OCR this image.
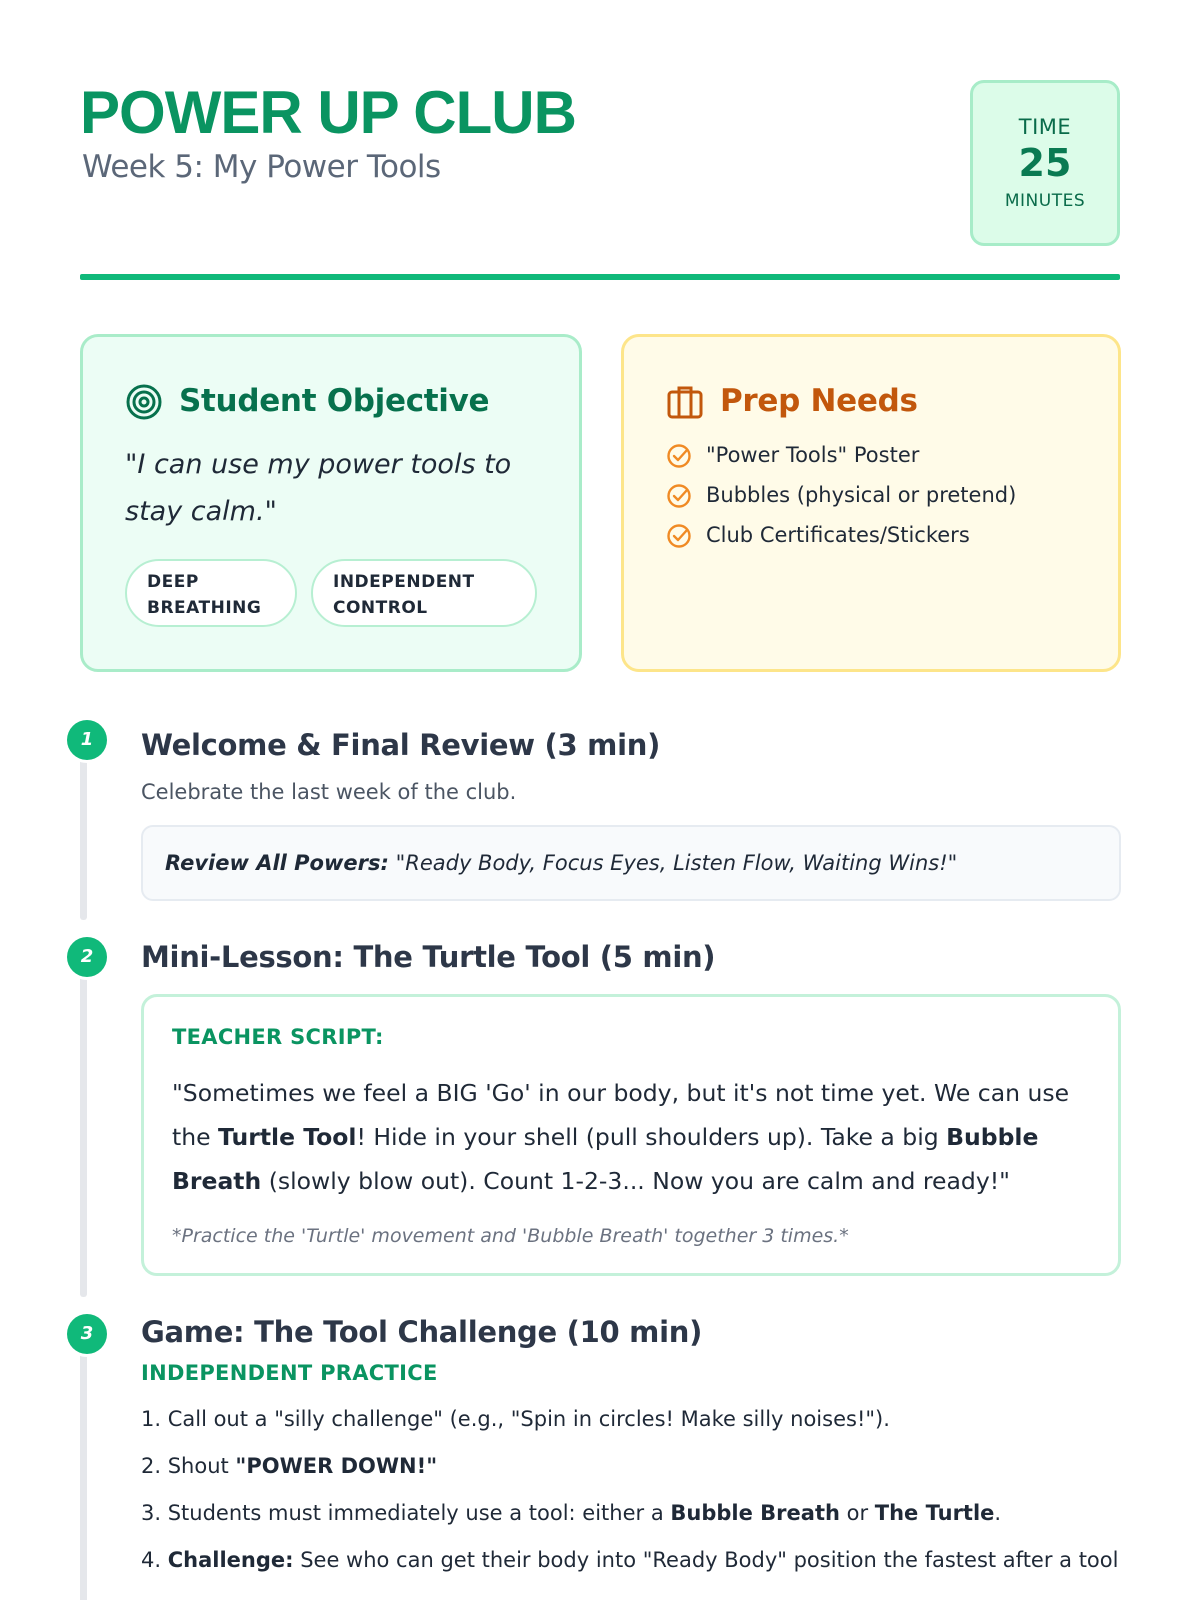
POWER UP CLUB
Week 5: My Power Tools
TIME
25
MINUTES
Student Objective
"I can use my power tools to stay calm."
DEEP BREATHING
INDEPENDENT CONTROL
Prep Needs
"Power Tools" Poster
Bubbles (physical or pretend)
Club Certificates/Stickers
1	Welcome & Final Review (3 min)
Celebrate the last week of the club.
Review All Powers: "Ready Body, Focus Eyes, Listen Flow, Waiting Wins!"
2	Mini-Lesson: The Turtle Tool (5 min)
TEACHER SCRIPT:
"Sometimes we feel a BIG 'Go' in our body, but it's not time yet. We can use the Turtle Tool! Hide in your shell (pull shoulders up). Take a big Bubble Breath (slowly blow out). Count 1-2-3... Now you are calm and ready!"
*Practice the 'Turtle' movement and 'Bubble Breath' together 3 times.*
3	Game: The Tool Challenge (10 min)
INDEPENDENT PRACTICE
1. Call out a "silly challenge" (e.g., "Spin in circles! Make silly noises!").
2. Shout "POWER DOWN!"
3. Students must immediately use a tool: either a Bubble Breath or The Turtle.
4. Challenge: See who can get their body into "Ready Body" position the fastest after a tool
